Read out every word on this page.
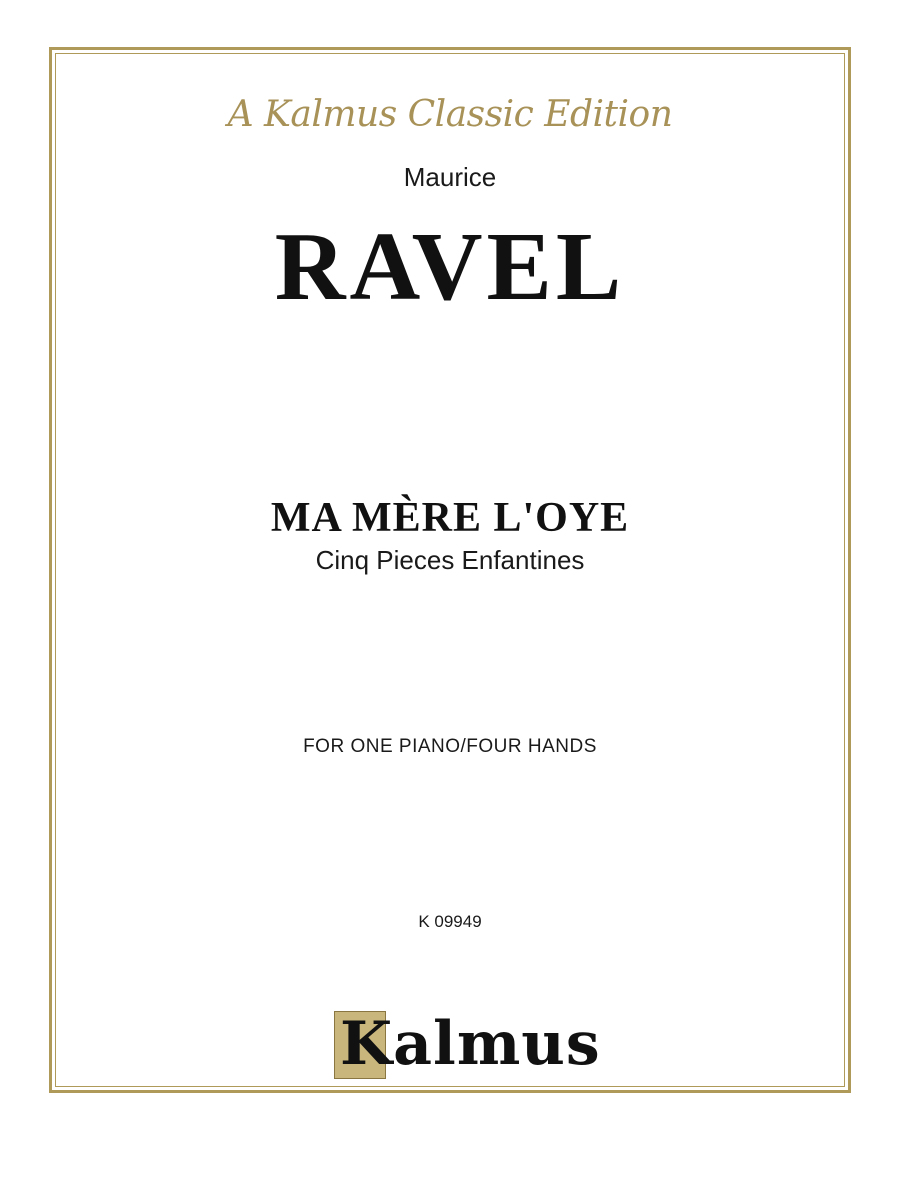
A Kalmus Classic Edition
Maurice
RAVEL
MA MÈRE L'OYE
Cinq Pieces Enfantines
FOR ONE PIANO/FOUR HANDS
K 09949
Kalmus
